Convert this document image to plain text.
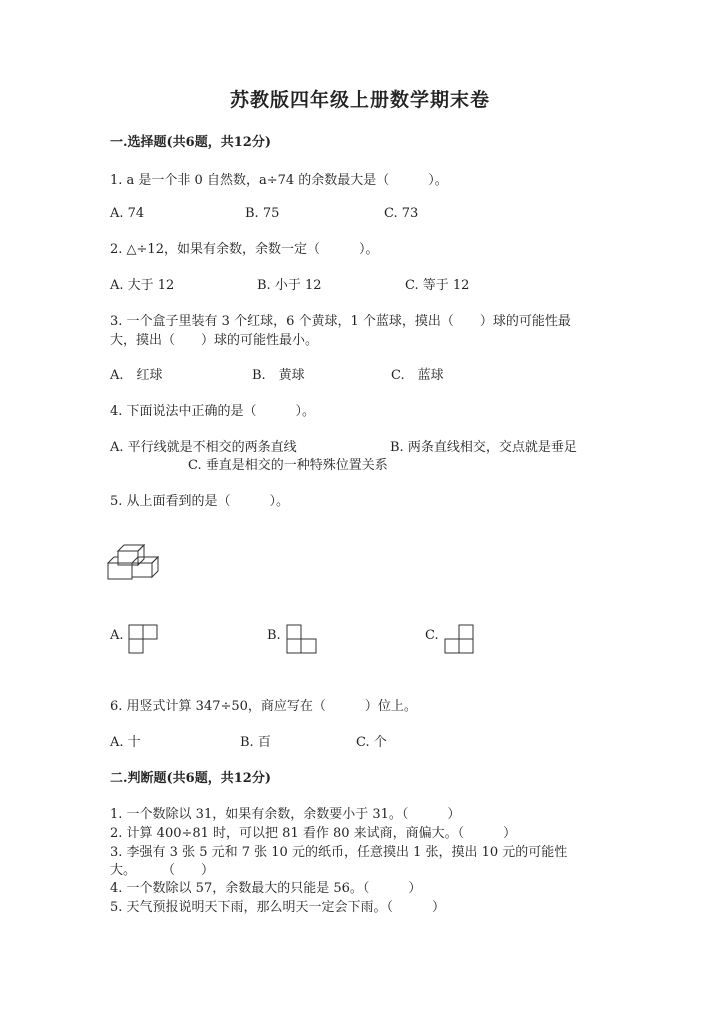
苏教版四年级上册数学期末卷
一.选择题(共6题，共12分)
1. a 是一个非 0 自然数，a÷74 的余数最大是（　　　）。
A. 74	B. 75	C. 73
2. △÷12，如果有余数，余数一定（　　　）。
A. 大于 12	B. 小于 12	C. 等于 12
3. 一个盒子里装有 3 个红球，6 个黄球，1 个蓝球，摸出（　　）球的可能性最
大，摸出（　　）球的可能性最小。
A.　红球	B.　黄球	C.　蓝球
4. 下面说法中正确的是（　　　）。
A. 平行线就是不相交的两条直线	B. 两条直线相交，交点就是垂足
C. 垂直是相交的一种特殊位置关系
5. 从上面看到的是（　　　）。
A.	B.	C.
6. 用竖式计算 347÷50，商应写在（　　　）位上。
A. 十	B. 百	C. 个
二.判断题(共6题，共12分)
1. 一个数除以 31，如果有余数，余数要小于 31。（　　　）
2. 计算 400÷81 时，可以把 81 看作 80 来试商，商偏大。（　　　）
3. 李强有 3 张 5 元和 7 张 10 元的纸币，任意摸出 1 张，摸出 10 元的可能性
大。　　　（　　）
4. 一个数除以 57，余数最大的只能是 56。（　　　）
5. 天气预报说明天下雨，那么明天一定会下雨。（　　　）
